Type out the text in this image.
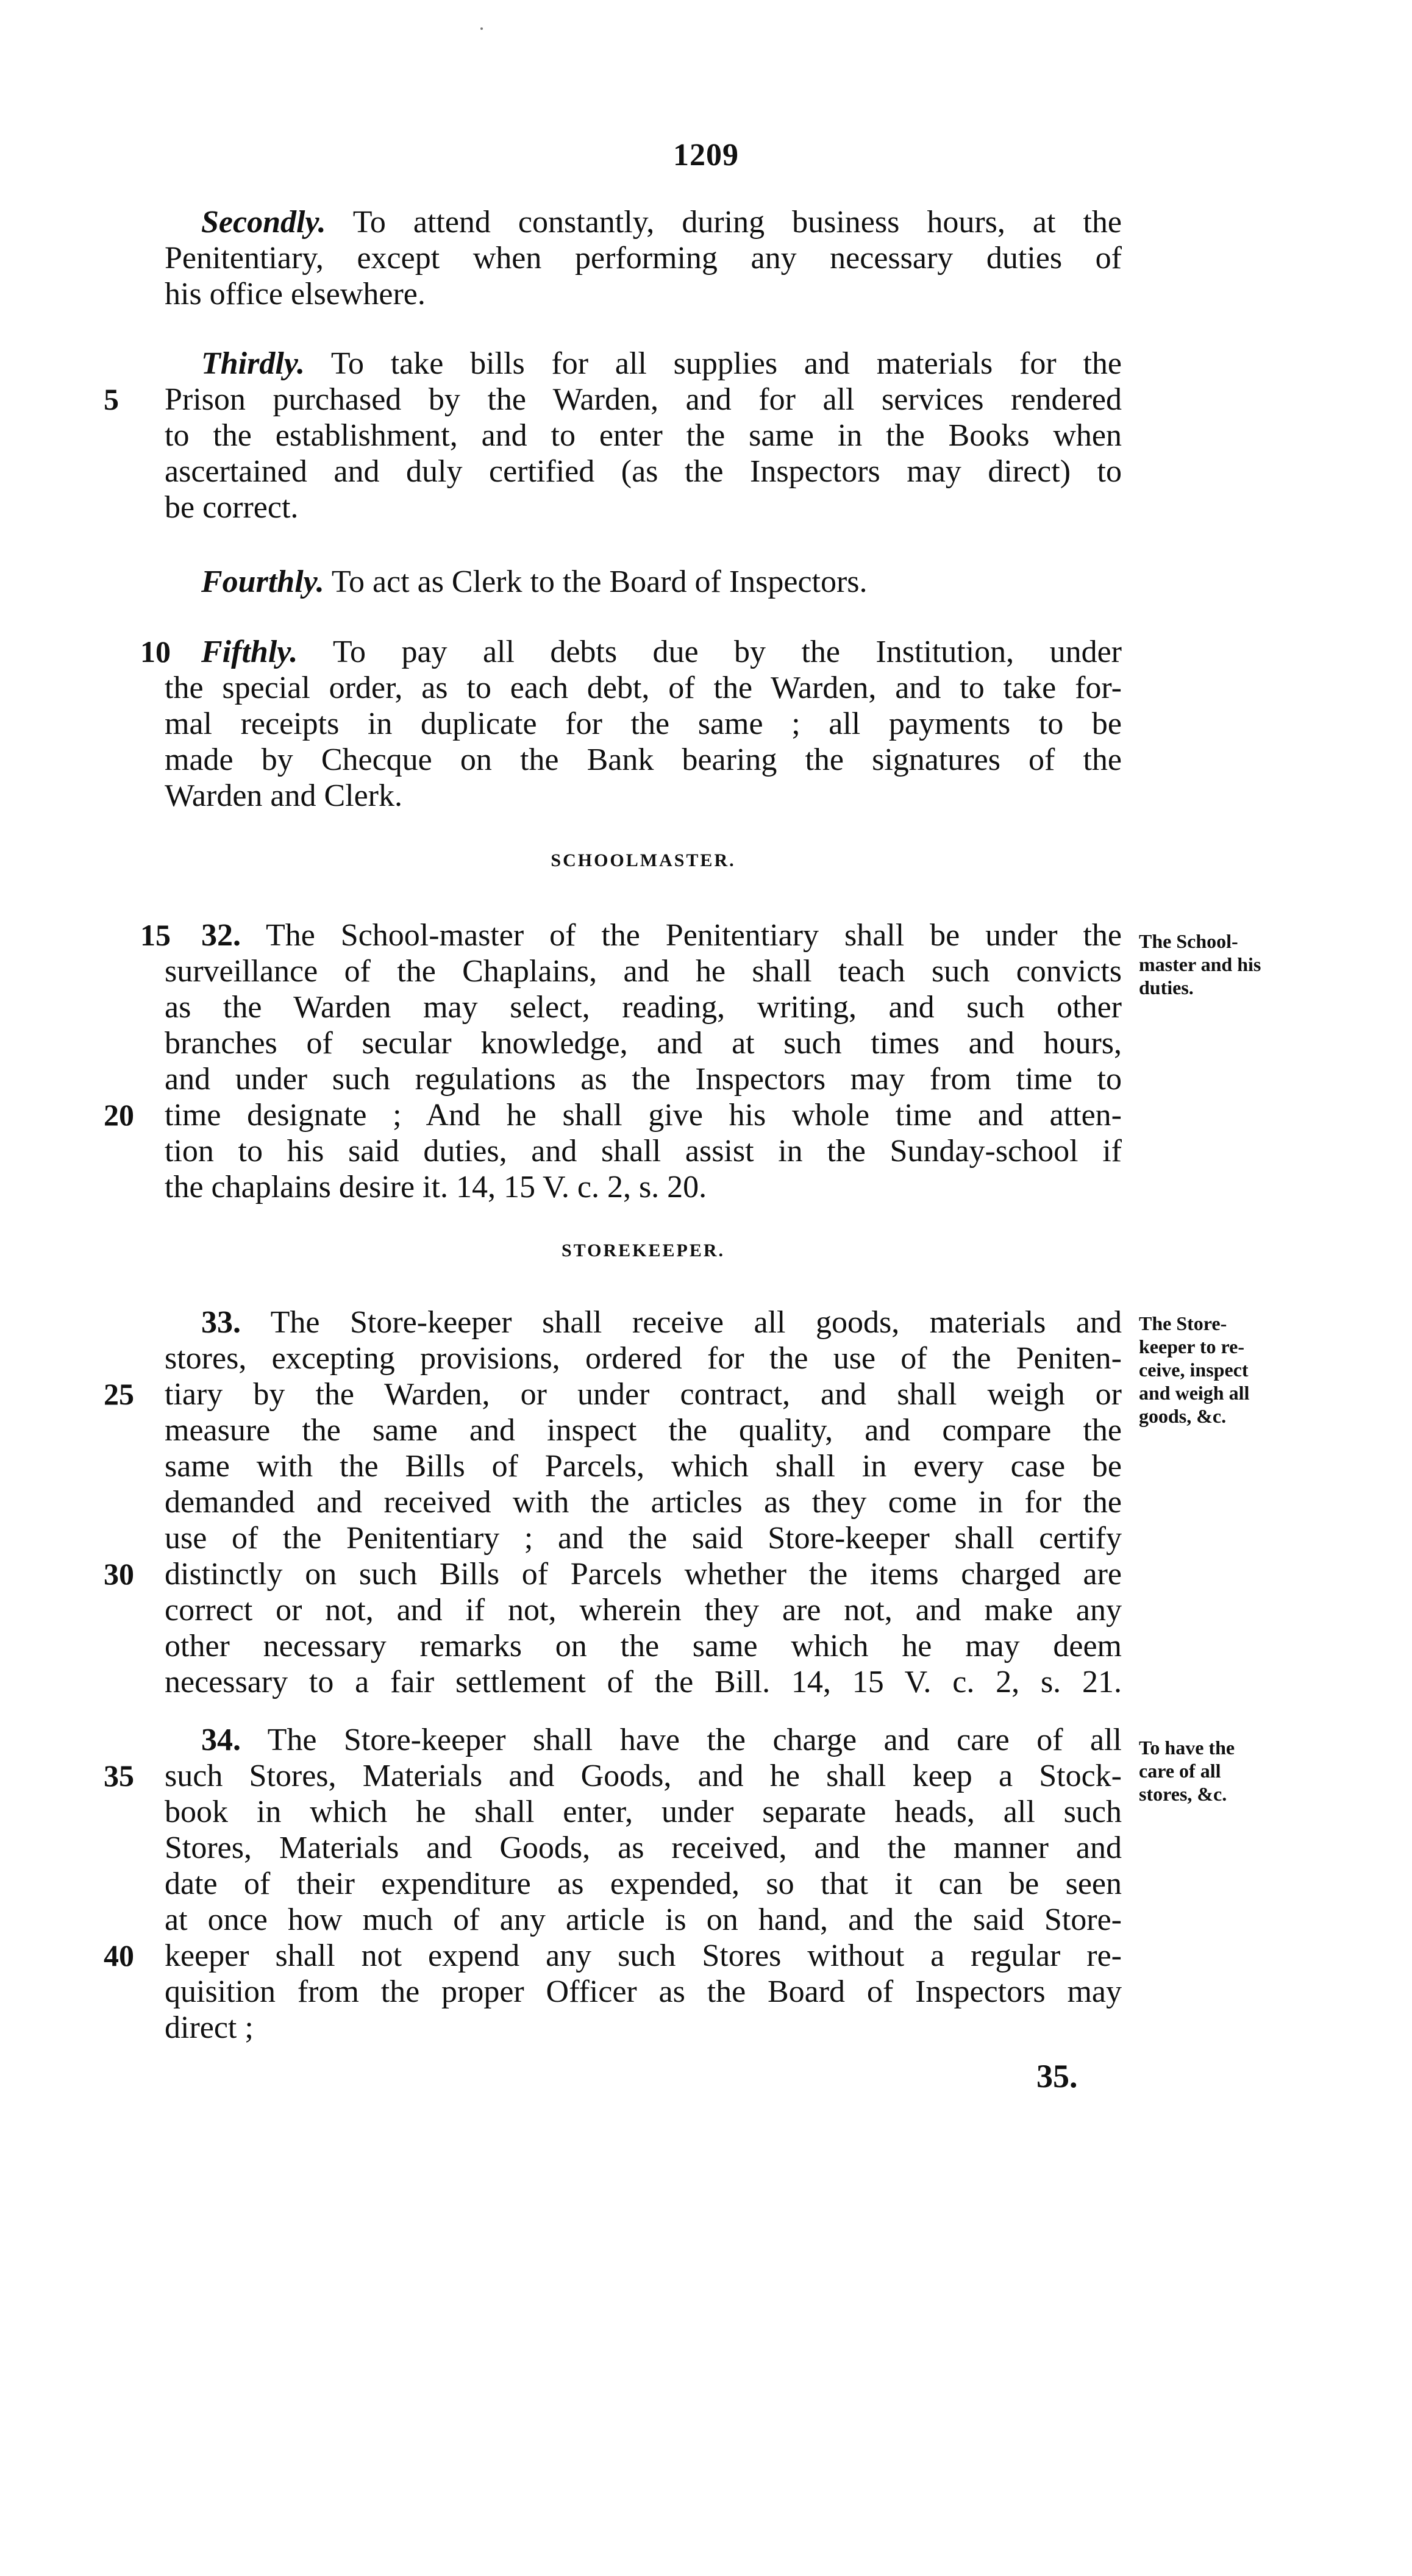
1209
Secondly. To attend constantly, during business hours, at the
Penitentiary, except when performing any necessary duties of
his office elsewhere.
Thirdly. To take bills for all supplies and materials for the
5	Prison purchased by the Warden, and for all services rendered
to the establishment, and to enter the same in the Books when
ascertained and duly certified (as the Inspectors may direct) to
be correct.
Fourthly. To act as Clerk to the Board of Inspectors.
10 Fifthly. To pay all debts due by the Institution, under
the special order, as to each debt, of the Warden, and to take for-
mal receipts in duplicate for the same ; all payments to be
made by Checque on the Bank bearing the signatures of the
Warden and Clerk.
SCHOOLMASTER.
15 32. The School-master of the Penitentiary shall be under the
surveillance of the Chaplains, and he shall teach such convicts
as the Warden may select, reading, writing, and such other
branches of secular knowledge, and at such times and hours,
and under such regulations as the Inspectors may from time to
20 time designate ; And he shall give his whole time and atten-
tion to his said duties, and shall assist in the Sunday-school if
the chaplains desire it. 14, 15 V. c. 2, s. 20.
The School-
master and his
duties.
STOREKEEPER.
33. The Store-keeper shall receive all goods, materials and
stores, excepting provisions, ordered for the use of the Peniten-
25 tiary by the Warden, or under contract, and shall weigh or
measure the same and inspect the quality, and compare the
same with the Bills of Parcels, which shall in every case be
demanded and received with the articles as they come in for the
use of the Penitentiary ; and the said Store-keeper shall certify
30 distinctly on such Bills of Parcels whether the items charged are
correct or not, and if not, wherein they are not, and make any
other necessary remarks on the same which he may deem
necessary to a fair settlement of the Bill. 14, 15 V. c. 2, s. 21.
The Store-
keeper to re-
ceive, inspect
and weigh all
goods, &c.
34. The Store-keeper shall have the charge and care of all
35 such Stores, Materials and Goods, and he shall keep a Stock-
book in which he shall enter, under separate heads, all such
Stores, Materials and Goods, as received, and the manner and
date of their expenditure as expended, so that it can be seen
at once how much of any article is on hand, and the said Store-
40 keeper shall not expend any such Stores without a regular re-
quisition from the proper Officer as the Board of Inspectors may
direct ;
To have the
care of all
stores, &c.
35.
